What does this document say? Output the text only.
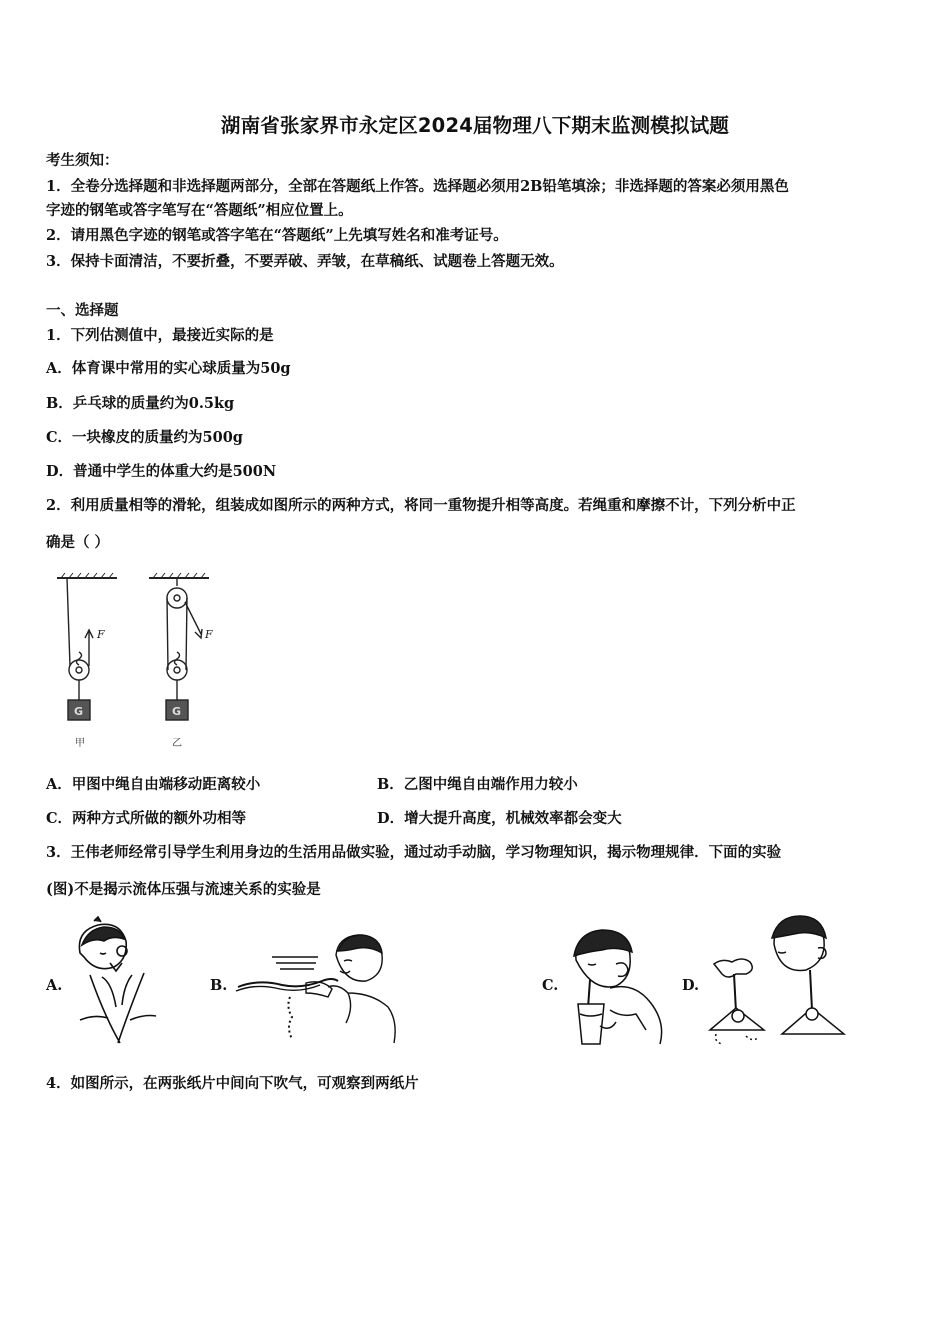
湖南省张家界市永定区2024届物理八下期末监测模拟试题
考生须知：
1．全卷分选择题和非选择题两部分，全部在答题纸上作答。选择题必须用2B铅笔填涂；非选择题的答案必须用黑色
字迹的钢笔或答字笔写在“答题纸”相应位置上。
2．请用黑色字迹的钢笔或答字笔在“答题纸”上先填写姓名和准考证号。
3．保持卡面清洁，不要折叠，不要弄破、弄皱，在草稿纸、试题卷上答题无效。
一、选择题
1．下列估测值中，最接近实际的是
A．体育课中常用的实心球质量为50g
B．乒乓球的质量约为0.5kg
C．一块橡皮的质量约为500g
D．普通中学生的体重大约是500N
2．利用质量相等的滑轮，组装成如图所示的两种方式，将同一重物提升相等高度。若绳重和摩擦不计，下列分析中正
确是（ ）
F	F
G	G
甲	乙
A．甲图中绳自由端移动距离较小	B．乙图中绳自由端作用力较小
C．两种方式所做的额外功相等	D．增大提升高度，机械效率都会变大
3．王伟老师经常引导学生利用身边的生活用品做实验，通过动手动脑，学习物理知识，揭示物理规律．下面的实验
(图)不是揭示流体压强与流速关系的实验是
A.	B.	C.	D.
4．如图所示，在两张纸片中间向下吹气，可观察到两纸片
